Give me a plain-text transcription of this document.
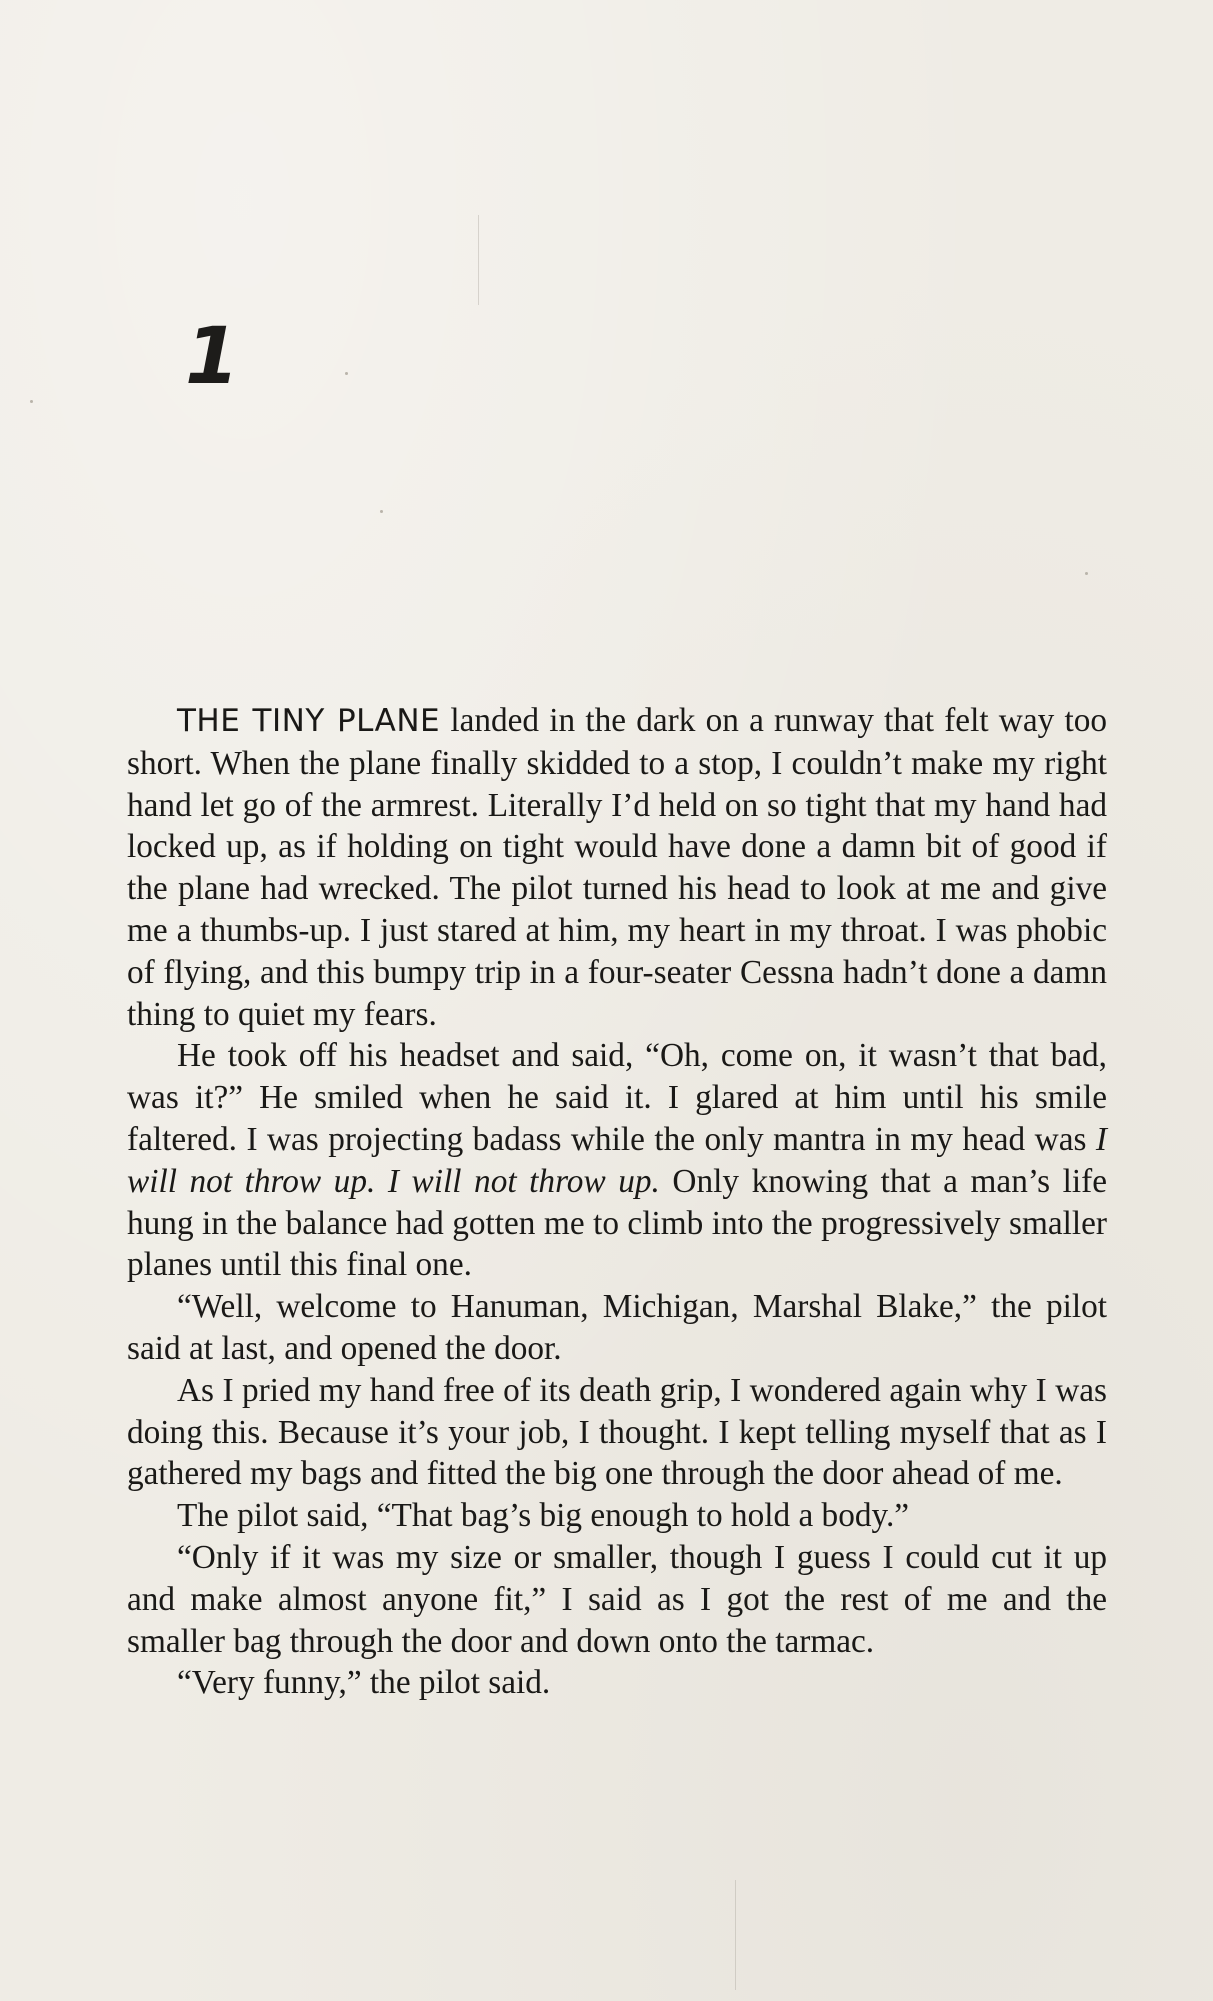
1

THE TINY PLANE landed in the dark on a runway that felt way too short. When the plane finally skidded to a stop, I couldn’t make my right hand let go of the armrest. Literally I’d held on so tight that my hand had locked up, as if holding on tight would have done a damn bit of good if the plane had wrecked. The pilot turned his head to look at me and give me a thumbs-up. I just stared at him, my heart in my throat. I was phobic of flying, and this bumpy trip in a four-seater Cessna hadn’t done a damn thing to quiet my fears.

He took off his headset and said, “Oh, come on, it wasn’t that bad, was it?” He smiled when he said it. I glared at him until his smile faltered. I was projecting badass while the only mantra in my head was I will not throw up. I will not throw up. Only knowing that a man’s life hung in the balance had gotten me to climb into the progressively smaller planes until this final one.

“Well, welcome to Hanuman, Michigan, Marshal Blake,” the pilot said at last, and opened the door.

As I pried my hand free of its death grip, I wondered again why I was doing this. Because it’s your job, I thought. I kept telling myself that as I gathered my bags and fitted the big one through the door ahead of me.

The pilot said, “That bag’s big enough to hold a body.”

“Only if it was my size or smaller, though I guess I could cut it up and make almost anyone fit,” I said as I got the rest of me and the smaller bag through the door and down onto the tarmac.

“Very funny,” the pilot said.
